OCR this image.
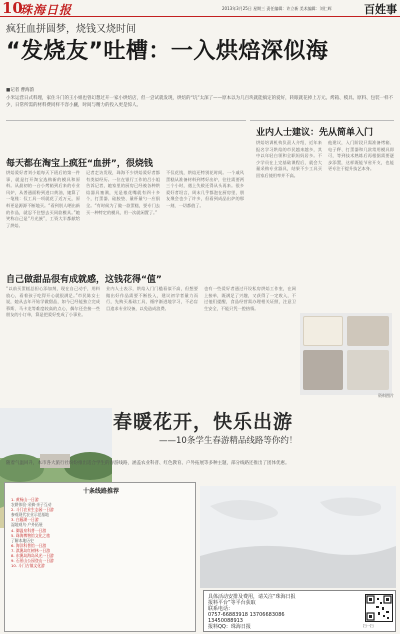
10
珠海日报	2013年3月25日 星期三 责任编辑：许立新 美术编辑：刘仁辉	百姓事
疯狂血拼圆梦，烧钱又烧时间
“发烧友”吐槽：一入烘焙深似海
■记者 曹海韵
小米运营日式料理，家住斗门的王小姐也曾幻想过开一家小烘焙店，但一尝试就发现，烘焙的“坑”太深了——原本以为几百块就能搞定的爱好，转眼就花掉上万元。烤箱、模具、原料、包装一样不少，日常所需的材料费同样不容小觑，时间与精力的投入更是惊人。
每天都在淘宝上疯狂“血拼”，很烧钱
烘焙爱好者刘小姐每天下班后的第一件事，就是打开淘宝选购新的模具和原料。从最初的一台小烤箱到后来的专业风炉，从普通面粉到进口黄油，她算了一笔账：仅工具一项就花了近万元，原料更是源源不断地买。“看到别人晒出新的作品，就忍不住想去买同款模具。”她笑称自己是“月光族”，工资大半都献给了烘焙。
记者走访发现，珠海不少烘焙爱好者都有类似经历。一位在银行工作的吕小姐告诉记者，她家里的厨房已经被各种烘焙器具塞满，光是裱花嘴就有四十多个，打蛋器、硅胶垫、量杯量勺一应俱全。“有时候为了做一款蛋糕，要专门去买一种特定的模具，用一次就闲置了。”
不仅花钱，烘焙还特别花时间。一个戚风蛋糕从准备材料到烤好出炉，往往需要两三个小时，遇上失败还得从头再来。很多爱好者坦言，周末几乎都泡在厨房里，朋友聚会也少了许多，但看到成品出炉的那一刻，一切都值了。
自己做甜品很有成就感，这钱花得“值”
“以前买蛋糕总担心添加剂，现在自己动手，用料放心，看着孩子吃得开心就很满足。”市民陈女士说，她从去年开始学做甜品，如今已经能独立完成慕斯、马卡龙等难度较高的点心，偶尔还会接一些朋友的小订单，算是把爱好变成了小事业。
业内人士表示，烘焙入门门槛看似不高，但想要做出好作品需要不断投入，建议初学者量力而行，先购买基础工具，循序渐进地学习，不必盲目追求专业设备，以免造成浪费。
也有一些爱好者通过开设私房烘焙工作室，在网上接单，既满足了兴趣，又获得了一定收入，不过他们提醒，食品经营需办理相关证照，注意卫生安全，不能只凭一腔热情。
业内人士建议：先从简单入门
烘焙培训机构负责人介绍，近年来报名学习烘焙的市民越来越多，其中以年轻白领和全职妈妈居多。不少学员在上完基础课程后，就会大量采购专业器具，结果不少工具买回家后使用率并不高。
他建议，入门阶段只需准备烤箱、电子秤、打蛋器和几款常用模具即可，等到技术熟练后再根据需要逐步添置，这样既能节省开支，也能更专注于提升技艺本身。
资料图片
春暖花开，快乐出游
——10条学生春游精品线路等你约！
随着气温回升，本市各大旅行社纷纷推出适合学生的春游线路，涵盖农业科普、红色教育、户外拓展等多种主题，部分线路还推出了团体优惠。
十条线路推荐
1. 黄杨山一日游
农耕体验·采摘·亲子互动
2. 斗门农业生态园一日游
参观现代农业示范基地
3. 白藤湖一日游
湿地观鸟·户外拓展
4. 御温泉科普一日游
5. 珠海博物馆文化之旅
了解本地历史
6. 海洋科普馆一日游
7. 淇澳岛红树林一日游
8. 东澳岛海岛风光一日游
9. 石景山公园登山一日游
10. 斗门古镇文化游
具体活动安排及费用，请关注“珠海日报
报料平台”等平台获取
联系电话：
0757-66883918 13706683086
13450088913
报料QQ：珠海日报	扫一扫
